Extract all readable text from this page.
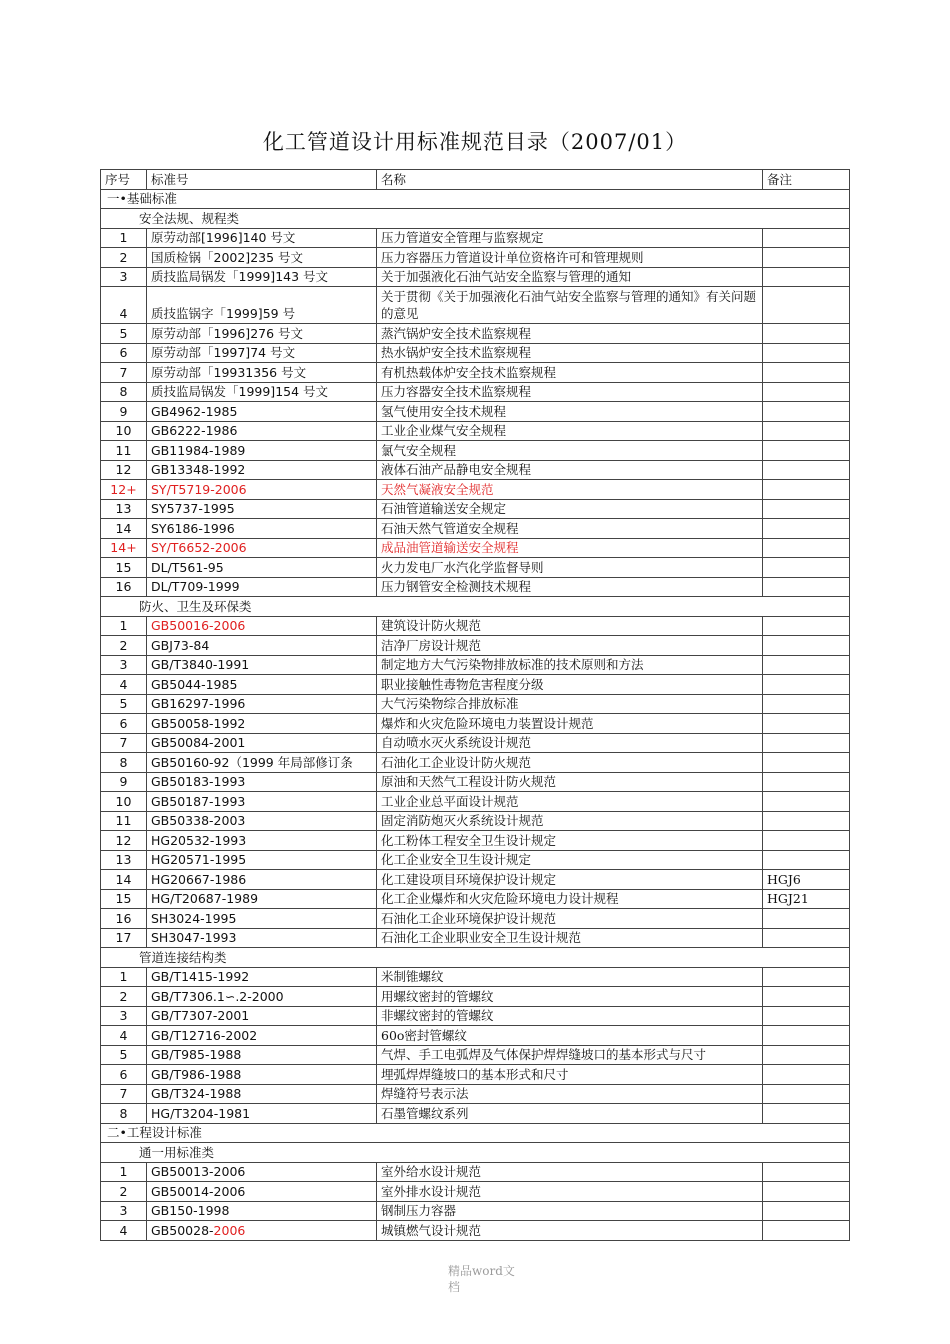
化工管道设计用标准规范目录（2007/01）
序号	标准号	名称	备注
一•基础标准			
安全法规、规程类			
1	原劳动部[1996]140 号文	压力管道安全管理与监察规定	
2	国质检锅「2002]235 号文	压力容器压力管道设计单位资格许可和管理规则	
3	质技监局锅发「1999]143 号文	关于加强液化石油气站安全监察与管理的通知	
4	质技监锅字「1999]59 号	关于贯彻《关于加强液化石油气站安全监察与管理的通知》有关问题的意见	
5	原劳动部「1996]276 号文	蒸汽锅炉安全技术监察规程	
6	原劳动部「1997]74 号文	热水锅炉安全技术监察规程	
7	原劳动部「19931356 号文	有机热载体炉安全技术监察规程	
8	质技监局锅发「1999]154 号文	压力容器安全技术监察规程	
9	GB4962-1985	氢气使用安全技术规程	
10	GB6222-1986	工业企业煤气安全规程	
11	GB11984-1989	氯气安全规程	
12	GB13348-1992	液体石油产品静电安全规程	
12+	SY/T5719-2006	天然气凝液安全规范	
13	SY5737-1995	石油管道输送安全规定	
14	SY6186-1996	石油天然气管道安全规程	
14+	SY/T6652-2006	成品油管道输送安全规程	
15	DL/T561-95	火力发电厂水汽化学监督导则	
16	DL/T709-1999	压力钢管安全检测技术规程	
防火、卫生及环保类			
1	GB50016-2006	建筑设计防火规范	
2	GBJ73-84	洁净厂房设计规范	
3	GB/T3840-1991	制定地方大气污染物排放标准的技术原则和方法	
4	GB5044-1985	职业接触性毒物危害程度分级	
5	GB16297-1996	大气污染物综合排放标准	
6	GB50058-1992	爆炸和火灾危险环境电力装置设计规范	
7	GB50084-2001	自动喷水灭火系统设计规范	
8	GB50160-92（1999 年局部修订条	石油化工企业设计防火规范	
9	GB50183-1993	原油和天然气工程设计防火规范	
10	GB50187-1993	工业企业总平面设计规范	
11	GB50338-2003	固定消防炮灭火系统设计规范	
12	HG20532-1993	化工粉体工程安全卫生设计规定	
13	HG20571-1995	化工企业安全卫生设计规定	
14	HG20667-1986	化工建设项目环境保护设计规定	HGJ6
15	HG/T20687-1989	化工企业爆炸和火灾危险环境电力设计规程	HGJ21
16	SH3024-1995	石油化工企业环境保护设计规范	
17	SH3047-1993	石油化工企业职业安全卫生设计规范	
管道连接结构类			
1	GB/T1415-1992	米制锥螺纹	
2	GB/T7306.1∽.2-2000	用螺纹密封的管螺纹	
3	GB/T7307-2001	非螺纹密封的管螺纹	
4	GB/T12716-2002	60o密封管螺纹	
5	GB/T985-1988	气焊、手工电弧焊及气体保护焊焊缝坡口的基本形式与尺寸	
6	GB/T986-1988	埋弧焊焊缝坡口的基本形式和尺寸	
7	GB/T324-1988	焊缝符号表示法	
8	HG/T3204-1981	石墨管螺纹系列	
二•工程设计标准			
通一用标准类			
1	GB50013-2006	室外给水设计规范	
2	GB50014-2006	室外排水设计规范	
3	GB150-1998	钢制压力容器	
4	GB50028-2006	城镇燃气设计规范	
精品word文
档
